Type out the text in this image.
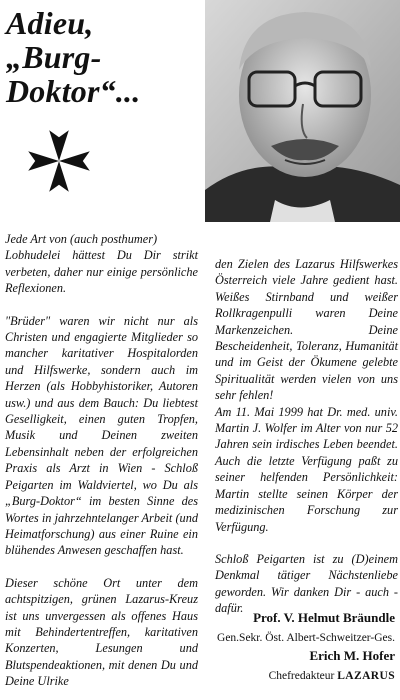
Adieu,
„Burg-
Doktor“...

Jede Art von (auch posthumer)

Lobhudelei hättest Du Dir strikt verbeten, daher nur einige persönliche Reflexionen.

"Brüder" waren wir nicht nur als Christen und engagierte Mitglieder so mancher karitativer Hospitalorden und Hilfswerke, sondern auch im Herzen (als Hobbyhistoriker, Autoren usw.) und aus dem Bauch: Du liebtest Geselligkeit, einen guten Tropfen, Musik und Deinen zweiten Lebensinhalt neben der erfolgreichen Praxis als Arzt in Wien - Schloß Peigarten im Waldviertel, wo Du als „Burg-Doktor“ im besten Sinne des Wortes in jahrzehntelanger Arbeit (und Heimatforschung) aus einer Ruine ein blühendes Anwesen geschaffen hast.

Dieser schöne Ort unter dem achtspitzigen, grünen Lazarus-Kreuz ist uns unvergessen als offenes Haus mit Behindertentreffen, karitativen Konzerten, Lesungen und Blutspendeaktionen, mit denen Du und Deine Ulrike

den Zielen des Lazarus Hilfswerkes Österreich viele Jahre gedient hast. Weißes Stirnband und weißer Rollkragenpulli waren Deine Markenzeichen. Deine Bescheidenheit, Toleranz, Humanität und im Geist der Ökumene gelebte Spiritualität werden vielen von uns sehr fehlen!

Am 11. Mai 1999 hat Dr. med. univ. Martin J. Wolfer im Alter von nur 52 Jahren sein irdisches Leben beendet. Auch die letzte Verfügung paßt zu seiner helfenden Persönlichkeit: Martin stellte seinen Körper der medizinischen Forschung zur Verfügung.

Schloß Peigarten ist zu (D)einem Denkmal tätiger Nächstenliebe geworden. Wir danken Dir - auch - dafür.

Prof. V. Helmut Bräundle
Gen.Sekr. Öst. Albert-Schweitzer-Ges.
Erich M. Hofer
Chefredakteur LAZARUS
